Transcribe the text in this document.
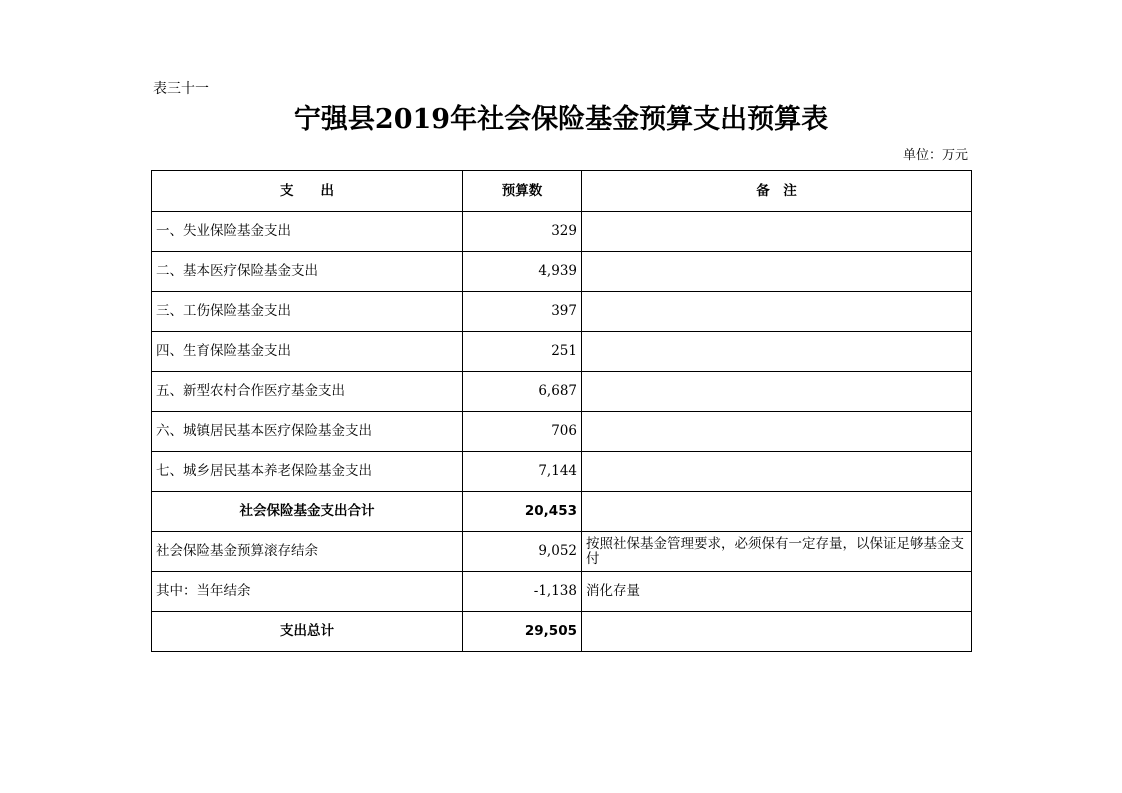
表三十一
宁强县2019年社会保险基金预算支出预算表
单位：万元
支　　出	预算数	备　注
一、失业保险基金支出	329	
二、基本医疗保险基金支出	4,939	
三、工伤保险基金支出	397	
四、生育保险基金支出	251	
五、新型农村合作医疗基金支出	6,687	
六、城镇居民基本医疗保险基金支出	706	
七、城乡居民基本养老保险基金支出	7,144	
社会保险基金支出合计	20,453	
社会保险基金预算滚存结余	9,052	按照社保基金管理要求，必须保有一定存量，以保证足够基金支付
其中：当年结余	-1,138	消化存量
支出总计	29,505	
